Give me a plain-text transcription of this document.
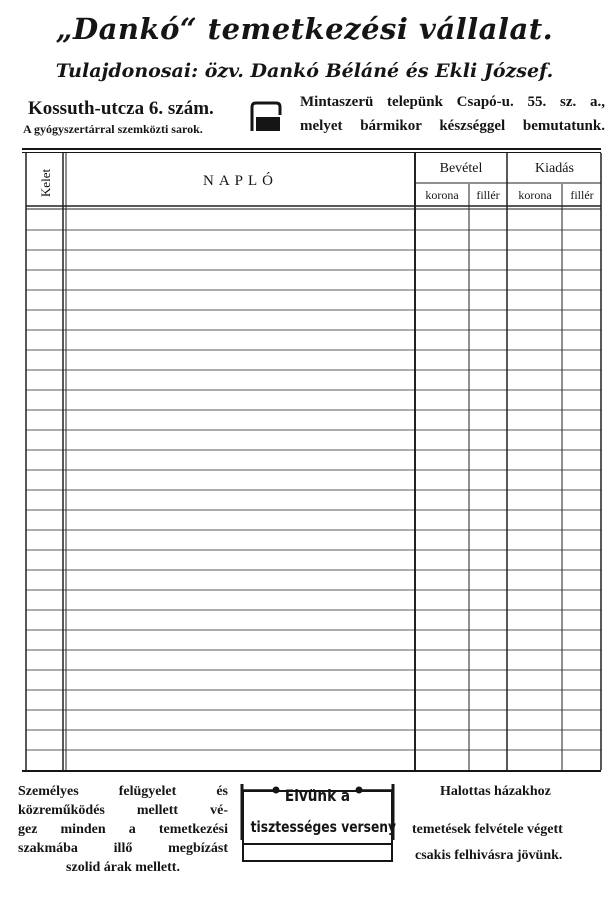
„Dankó“ temetkezési vállalat.
Tulajdonosai: özv. Dankó Béláné és Ekli József.
Kossuth-utcza 6. szám.
A gyógyszertárral szemközti sarok.
Mintaszerü telepünk Csapó-u. 55. sz. a.,
melyet bármikor készséggel bemutatunk.
Kelet	NAPLÓ
Bevétel	Kiadás
korona	fillér	korona	fillér
Személyes felügyelet és
közreműködés mellett vé-
gez minden a temetkezési
szakmába illő megbízást
szolid árak mellett.
Elvünk a
tisztességes verseny
Halottas házakhoz
temetések felvétele végett
csakis felhivásra jövünk.
